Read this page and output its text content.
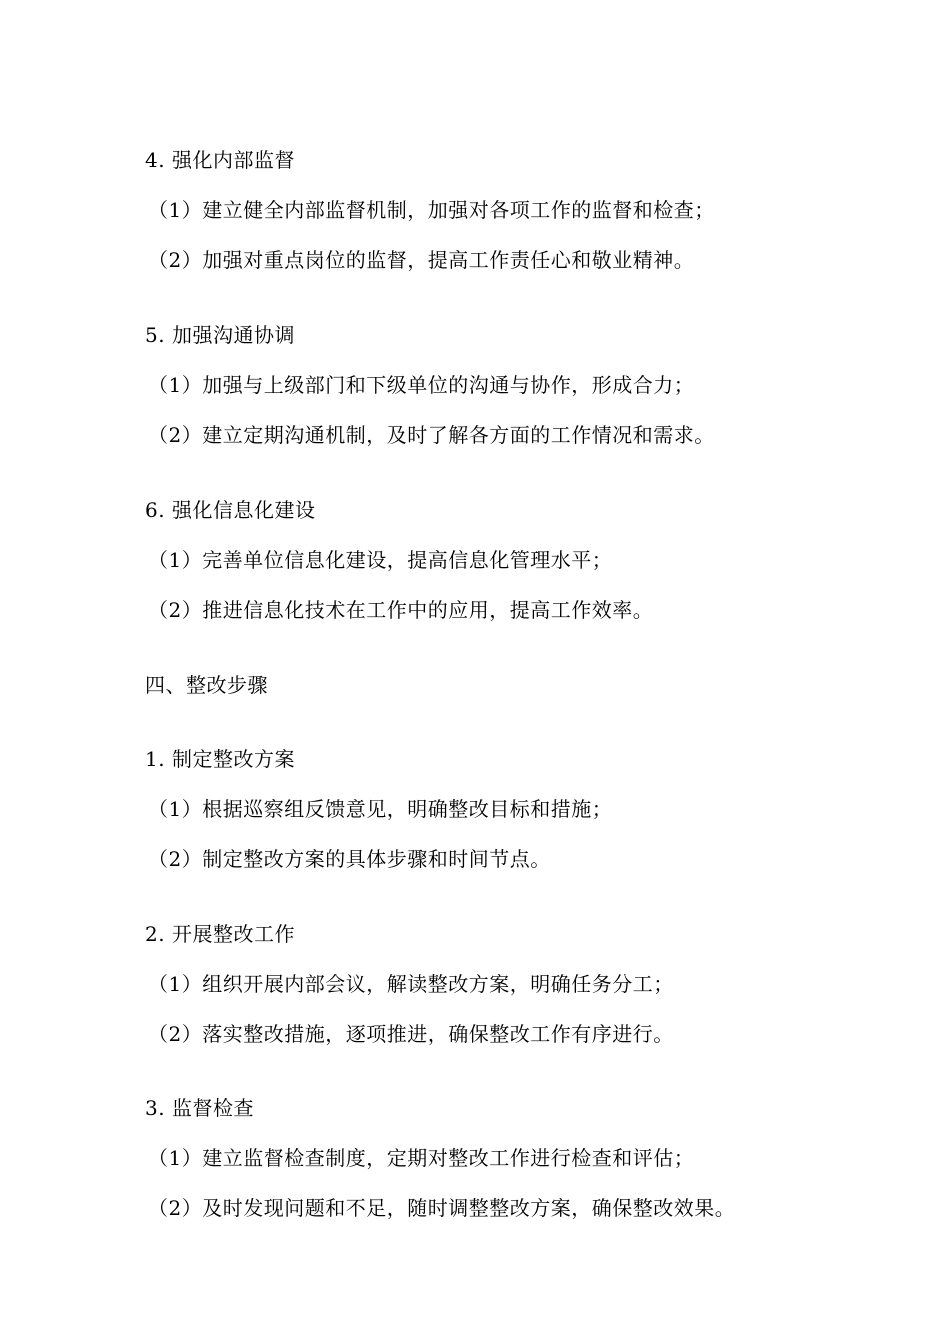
4. 强化内部监督
（1）建立健全内部监督机制，加强对各项工作的监督和检查；
（2）加强对重点岗位的监督，提高工作责任心和敬业精神。
5. 加强沟通协调
（1）加强与上级部门和下级单位的沟通与协作，形成合力；
（2）建立定期沟通机制，及时了解各方面的工作情况和需求。
6. 强化信息化建设
（1）完善单位信息化建设，提高信息化管理水平；
（2）推进信息化技术在工作中的应用，提高工作效率。
四、整改步骤
1. 制定整改方案
（1）根据巡察组反馈意见，明确整改目标和措施；
（2）制定整改方案的具体步骤和时间节点。
2. 开展整改工作
（1）组织开展内部会议，解读整改方案，明确任务分工；
（2）落实整改措施，逐项推进，确保整改工作有序进行。
3. 监督检查
（1）建立监督检查制度，定期对整改工作进行检查和评估；
（2）及时发现问题和不足，随时调整整改方案，确保整改效果。
